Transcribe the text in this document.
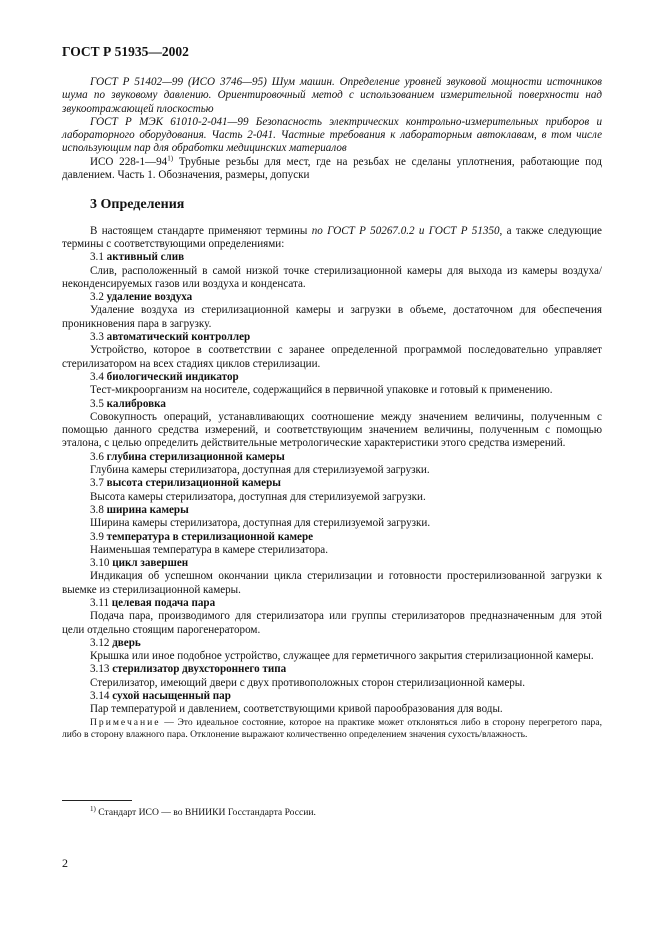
ГОСТ Р 51935—2002

ГОСТ Р 51402—99 (ИСО 3746—95) Шум машин. Определение уровней звуковой мощности источников шума по звуковому давлению. Ориентировочный метод с использованием измерительной поверхности над звукоотражающей плоскостью

ГОСТ Р МЭК 61010-2-041—99 Безопасность электрических контрольно-измерительных приборов и лабораторного оборудования. Часть 2-041. Частные требования к лабораторным автоклавам, в том числе использующим пар для обработки медицинских материалов

ИСО 228-1—94$^{1)}$ Трубные резьбы для мест, где на резьбах не сделаны уплотнения, работающие под давлением. Часть 1. Обозначения, размеры, допуски

3 Определения

В настоящем стандарте применяют термины по ГОСТ Р 50267.0.2 и ГОСТ Р 51350, а также следующие термины с соответствующими определениями:

3.1 активный слив

Слив, расположенный в самой низкой точке стерилизационной камеры для выхода из камеры воздуха/неконденсируемых газов или воздуха и конденсата.

3.2 удаление воздуха

Удаление воздуха из стерилизационной камеры и загрузки в объеме, достаточном для обеспечения проникновения пара в загрузку.

3.3 автоматический контроллер

Устройство, которое в соответствии с заранее определенной программой последовательно управляет стерилизатором на всех стадиях циклов стерилизации.

3.4 биологический индикатор

Тест-микроорганизм на носителе, содержащийся в первичной упаковке и готовый к применению.

3.5 калибровка

Совокупность операций, устанавливающих соотношение между значением величины, полученным с помощью данного средства измерений, и соответствующим значением величины, полученным с помощью эталона, с целью определить действительные метрологические характеристики этого средства измерений.

3.6 глубина стерилизационной камеры

Глубина камеры стерилизатора, доступная для стерилизуемой загрузки.

3.7 высота стерилизационной камеры

Высота камеры стерилизатора, доступная для стерилизуемой загрузки.

3.8 ширина камеры

Ширина камеры стерилизатора, доступная для стерилизуемой загрузки.

3.9 температура в стерилизационной камере

Наименьшая температура в камере стерилизатора.

3.10 цикл завершен

Индикация об успешном окончании цикла стерилизации и готовности простерилизованной загрузки к выемке из стерилизационной камеры.

3.11 целевая подача пара

Подача пара, производимого для стерилизатора или группы стерилизаторов предназначенным для этой цели отдельно стоящим парогенератором.

3.12 дверь

Крышка или иное подобное устройство, служащее для герметичного закрытия стерилизационной камеры.

3.13 стерилизатор двухстороннего типа

Стерилизатор, имеющий двери с двух противоположных сторон стерилизационной камеры.

3.14 сухой насыщенный пар

Пар температурой и давлением, соответствующими кривой парообразования для воды.

Примечание — Это идеальное состояние, которое на практике может отклоняться либо в сторону перегретого пара, либо в сторону влажного пара. Отклонение выражают количественно определением значения сухость/влажность.

$^{1)}$ Стандарт ИСО — во ВНИИКИ Госстандарта России.
2
